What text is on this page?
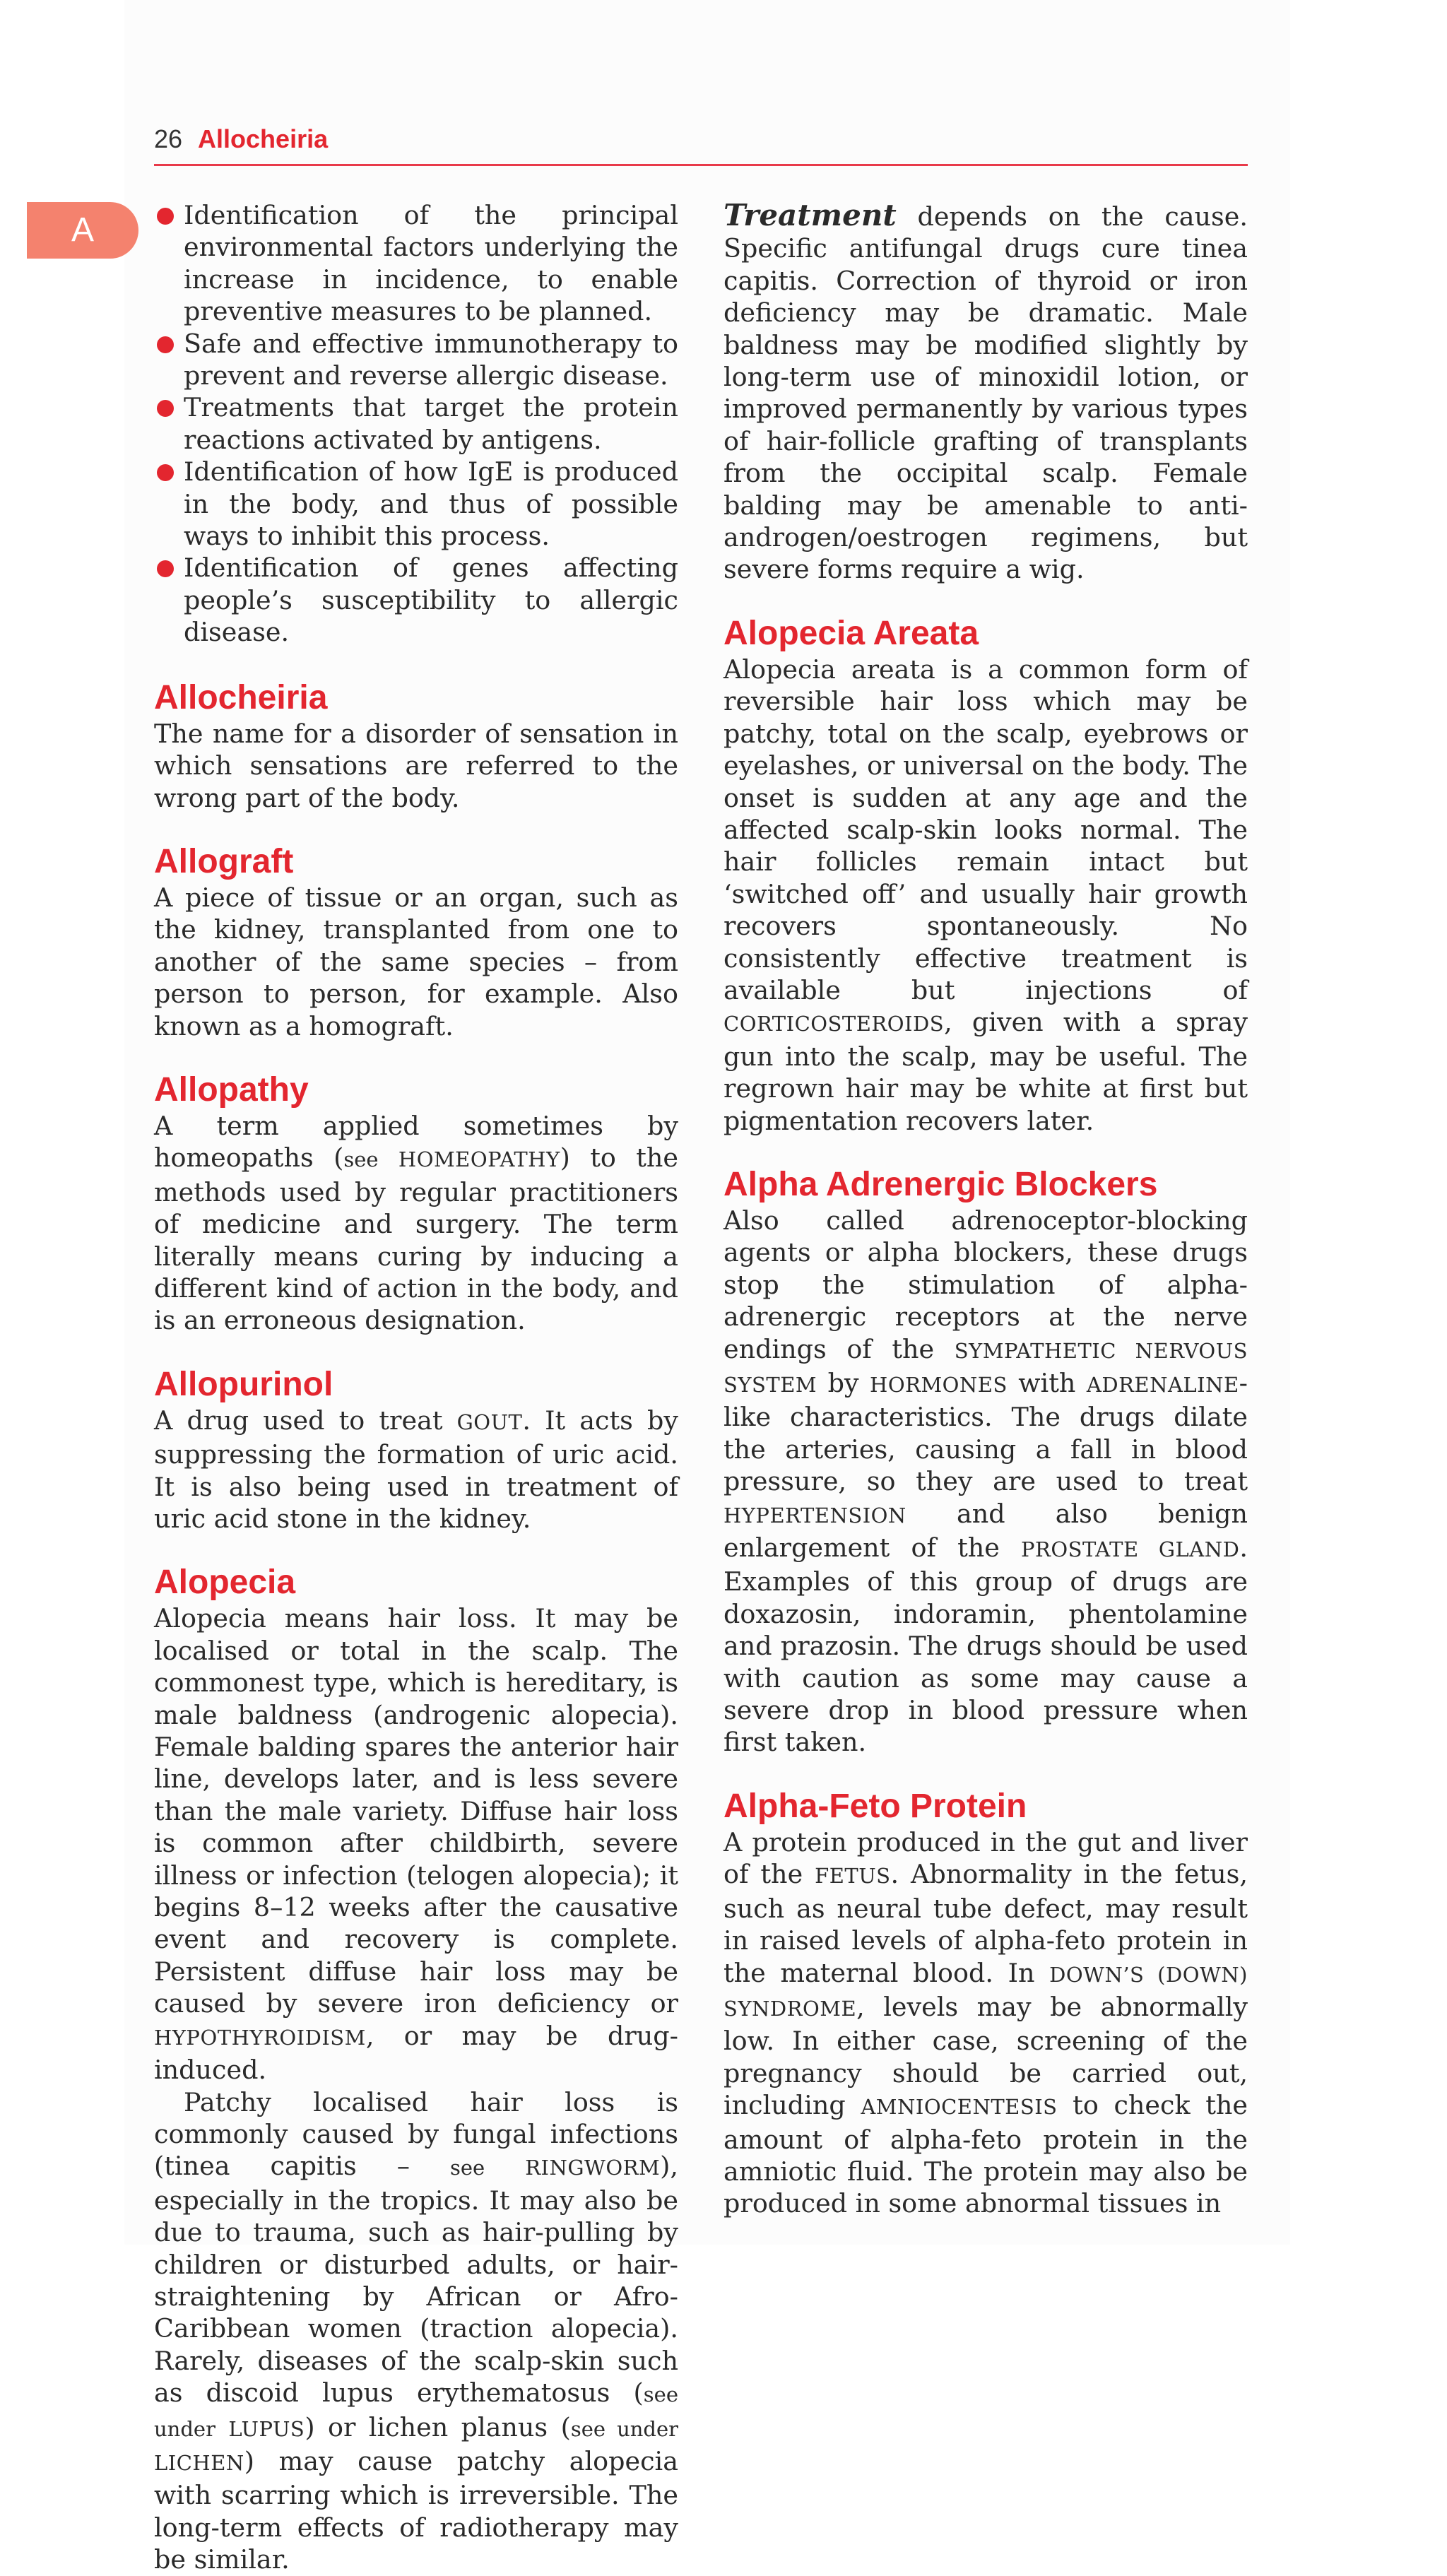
26 Allocheiria
A	Identification of the principal environmental factors underlying the increase in incidence, to enable preventive measures to be planned.
Safe and effective immunotherapy to prevent and reverse allergic disease.
Treatments that target the protein reactions activated by antigens.
Identification of how IgE is produced in the body, and thus of possible ways to inhibit this process.
Identification of genes affecting people’s susceptibility to allergic disease.
Allocheiria

The name for a disorder of sensation in which sensations are referred to the wrong part of the body.

Allograft

A piece of tissue or an organ, such as the kidney, transplanted from one to another of the same species – from person to person, for example. Also known as a homograft.

Allopathy

A term applied sometimes by homeopaths (see HOMEOPATHY) to the methods used by regular practitioners of medicine and surgery. The term literally means curing by inducing a different kind of action in the body, and is an erroneous designation.

Allopurinol

A drug used to treat GOUT. It acts by suppressing the formation of uric acid. It is also being used in treatment of uric acid stone in the kidney.

Alopecia

Alopecia means hair loss. It may be localised or total in the scalp. The commonest type, which is hereditary, is male baldness (androgenic alopecia). Female balding spares the anterior hair line, develops later, and is less severe than the male variety. Diffuse hair loss is common after childbirth, severe illness or infection (telogen alopecia); it begins 8–12 weeks after the causative event and recovery is complete. Persistent diffuse hair loss may be caused by severe iron deficiency or HYPOTHYROIDISM, or may be drug-induced.

Patchy localised hair loss is commonly caused by fungal infections (tinea capitis – see RINGWORM), especially in the tropics. It may also be due to trauma, such as hair-pulling by children or disturbed adults, or hair-straightening by African or Afro-Caribbean women (traction alopecia). Rarely, diseases of the scalp-skin such as discoid lupus erythematosus (see under LUPUS) or lichen planus (see under LICHEN) may cause patchy alopecia with scarring which is irreversible. The long-term effects of radiotherapy may be similar.

Treatment depends on the cause. Specific antifungal drugs cure tinea capitis. Correction of thyroid or iron deficiency may be dramatic. Male baldness may be modified slightly by long-term use of minoxidil lotion, or improved permanently by various types of hair-follicle grafting of transplants from the occipital scalp. Female balding may be amenable to anti-androgen/oestrogen regimens, but severe forms require a wig.

Alopecia Areata

Alopecia areata is a common form of reversible hair loss which may be patchy, total on the scalp, eyebrows or eyelashes, or universal on the body. The onset is sudden at any age and the affected scalp-skin looks normal. The hair follicles remain intact but ‘switched off’ and usually hair growth recovers spontaneously. No consistently effective treatment is available but injections of CORTICOSTEROIDS, given with a spray gun into the scalp, may be useful. The regrown hair may be white at first but pigmentation recovers later.

Alpha Adrenergic Blockers

Also called adrenoceptor-blocking agents or alpha blockers, these drugs stop the stimulation of alpha-adrenergic receptors at the nerve endings of the SYMPATHETIC NERVOUS SYSTEM by HORMONES with ADRENALINE-like characteristics. The drugs dilate the arteries, causing a fall in blood pressure, so they are used to treat HYPERTENSION and also benign enlargement of the PROSTATE GLAND. Examples of this group of drugs are doxazosin, indoramin, phentolamine and prazosin. The drugs should be used with caution as some may cause a severe drop in blood pressure when first taken.

Alpha-Feto Protein

A protein produced in the gut and liver of the FETUS. Abnormality in the fetus, such as neural tube defect, may result in raised levels of alpha-feto protein in the maternal blood. In DOWN’S (DOWN) SYNDROME, levels may be abnormally low. In either case, screening of the pregnancy should be carried out, including AMNIOCENTESIS to check the amount of alpha-feto protein in the amniotic fluid. The protein may also be produced in some abnormal tissues in
